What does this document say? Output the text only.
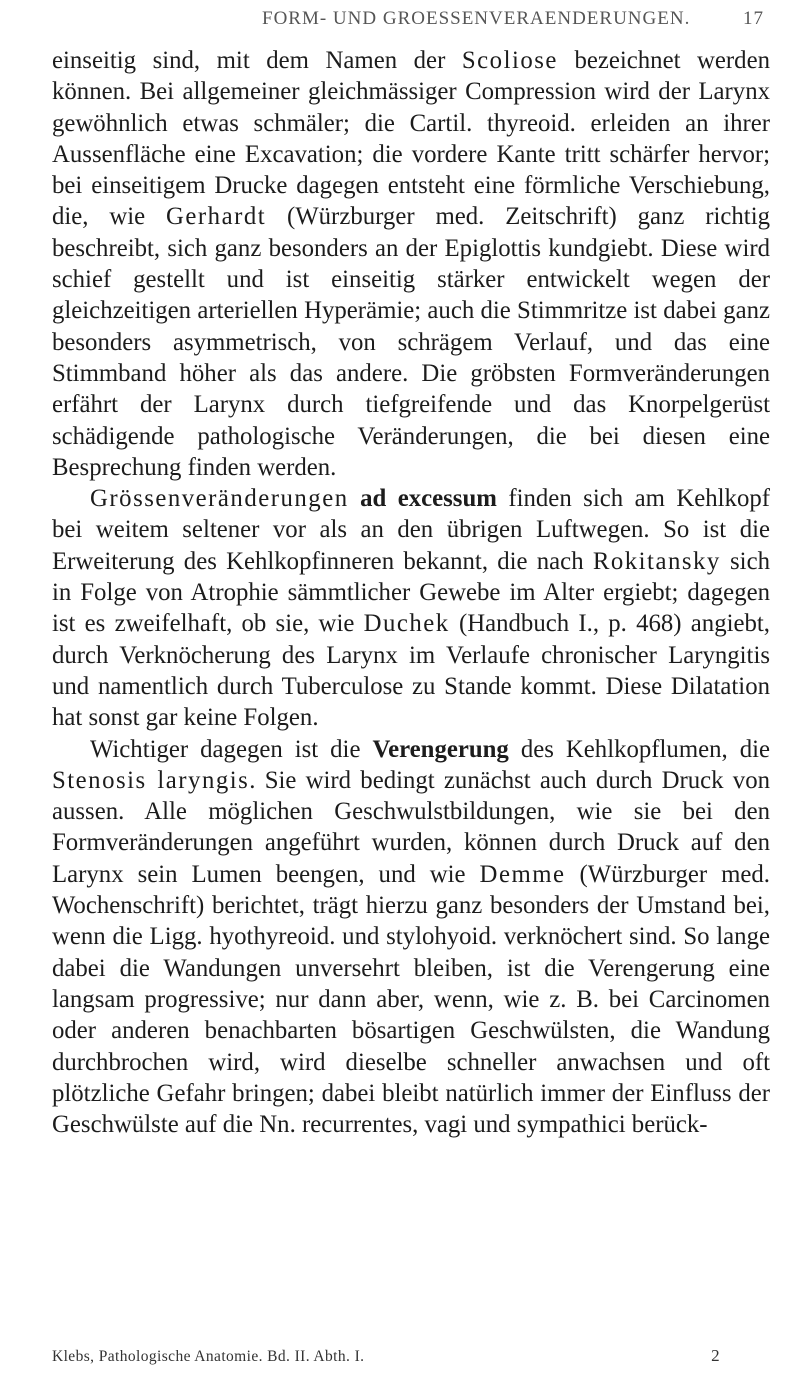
FORM- UND GROESSENVERAENDERUNGEN.	17

einseitig sind, mit dem Namen der Scoliose bezeichnet werden können. Bei allgemeiner gleichmässiger Compression wird der Larynx gewöhnlich etwas schmäler; die Cartil. thyreoid. erleiden an ihrer Aussenfläche eine Excavation; die vordere Kante tritt schärfer hervor; bei einseitigem Drucke dagegen entsteht eine förmliche Verschiebung, die, wie Gerhardt (Würzburger med. Zeitschrift) ganz richtig beschreibt, sich ganz besonders an der Epiglottis kundgiebt. Diese wird schief gestellt und ist einseitig stärker entwickelt wegen der gleichzeitigen arteriellen Hyperämie; auch die Stimmritze ist dabei ganz besonders asymmetrisch, von schrägem Verlauf, und das eine Stimmband höher als das andere. Die gröbsten Formveränderungen erfährt der Larynx durch tiefgreifende und das Knorpelgerüst schädigende pathologische Veränderungen, die bei diesen eine Besprechung finden werden.

Grössenveränderungen ad excessum finden sich am Kehlkopf bei weitem seltener vor als an den übrigen Luftwegen. So ist die Erweiterung des Kehlkopfinneren bekannt, die nach Rokitansky sich in Folge von Atrophie sämmtlicher Gewebe im Alter ergiebt; dagegen ist es zweifelhaft, ob sie, wie Duchek (Handbuch I., p. 468) angiebt, durch Verknöcherung des Larynx im Verlaufe chronischer Laryngitis und namentlich durch Tuberculose zu Stande kommt. Diese Dilatation hat sonst gar keine Folgen.

Wichtiger dagegen ist die Verengerung des Kehlkopflumen, die Stenosis laryngis. Sie wird bedingt zunächst auch durch Druck von aussen. Alle möglichen Geschwulstbildungen, wie sie bei den Formveränderungen angeführt wurden, können durch Druck auf den Larynx sein Lumen beengen, und wie Demme (Würzburger med. Wochenschrift) berichtet, trägt hierzu ganz besonders der Umstand bei, wenn die Ligg. hyothyreoid. und stylohyoid. verknöchert sind. So lange dabei die Wandungen unversehrt bleiben, ist die Verengerung eine langsam progressive; nur dann aber, wenn, wie z. B. bei Carcinomen oder anderen benachbarten bösartigen Geschwülsten, die Wandung durchbrochen wird, wird dieselbe schneller anwachsen und oft plötzliche Gefahr bringen; dabei bleibt natürlich immer der Einfluss der Geschwülste auf die Nn. recurrentes, vagi und sympathici berück-

Klebs, Pathologische Anatomie. Bd. II. Abth. I.	2
